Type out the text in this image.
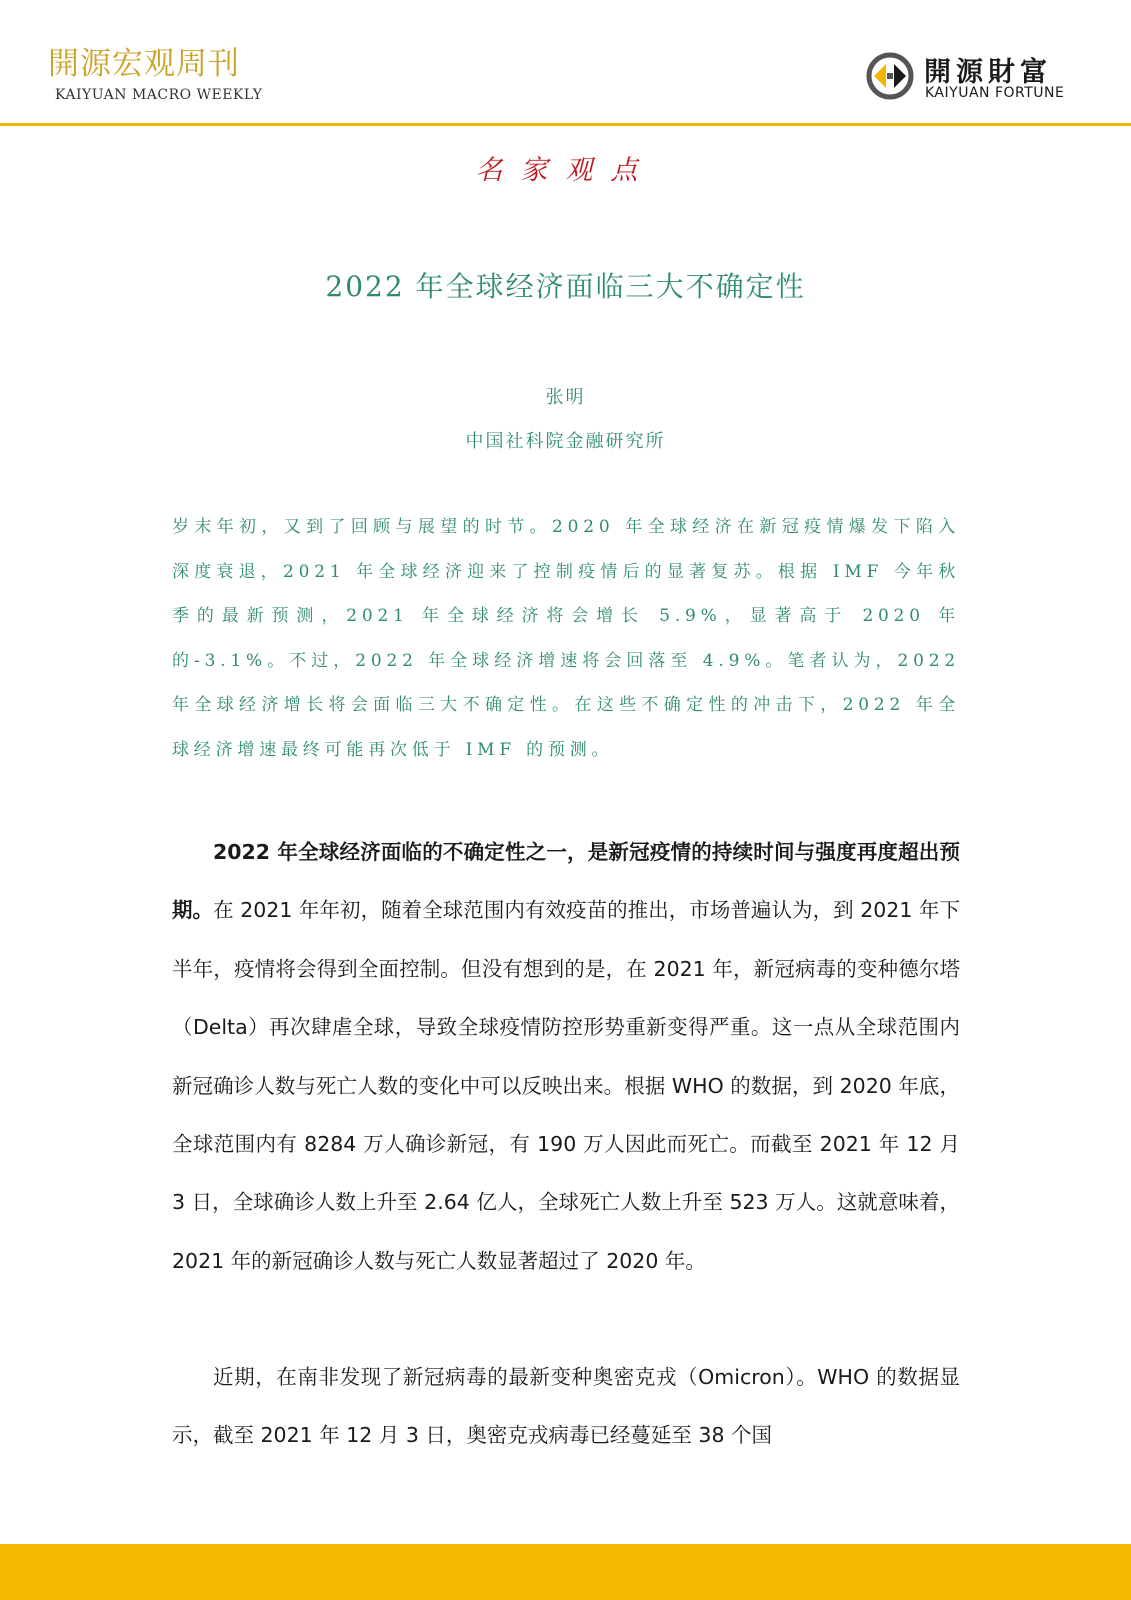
開源宏观周刊
KAIYUAN MACRO WEEKLY
開源財富
KAIYUAN FORTUNE
名家观点
2022 年全球经济面临三大不确定性
张明
中国社科院金融研究所
岁末年初，又到了回顾与展望的时节。2020 年全球经济在新冠疫情爆发下陷入深度衰退，2021 年全球经济迎来了控制疫情后的显著复苏。根据 IMF 今年秋季的最新预测，2021 年全球经济将会增长 5.9%，显著高于 2020 年的-3.1%。不过，2022 年全球经济增速将会回落至 4.9%。笔者认为，2022 年全球经济增长将会面临三大不确定性。在这些不确定性的冲击下，2022 年全球经济增速最终可能再次低于 IMF 的预测。

2022 年全球经济面临的不确定性之一，是新冠疫情的持续时间与强度再度超出预期。在 2021 年年初，随着全球范围内有效疫苗的推出，市场普遍认为，到 2021 年下半年，疫情将会得到全面控制。但没有想到的是，在 2021 年，新冠病毒的变种德尔塔（Delta）再次肆虐全球，导致全球疫情防控形势重新变得严重。这一点从全球范围内新冠确诊人数与死亡人数的变化中可以反映出来。根据 WHO 的数据，到 2020 年底，全球范围内有 8284 万人确诊新冠，有 190 万人因此而死亡。而截至 2021 年 12 月 3 日，全球确诊人数上升至 2.64 亿人，全球死亡人数上升至 523 万人。这就意味着，2021 年的新冠确诊人数与死亡人数显著超过了 2020 年。

近期，在南非发现了新冠病毒的最新变种奥密克戎（Omicron）。WHO 的数据显示，截至 2021 年 12 月 3 日，奥密克戎病毒已经蔓延至 38 个国
